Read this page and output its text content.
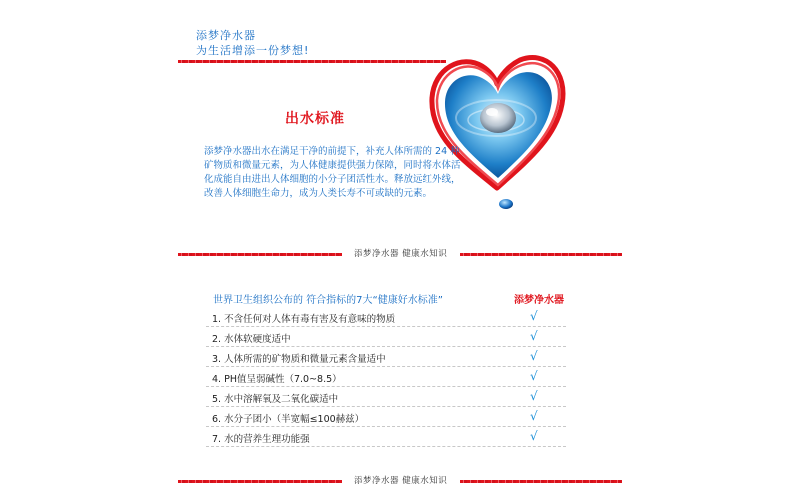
添梦净水器
为生活增添一份梦想!
出水标准

添梦净水器出水在满足干净的前提下，补充人体所需的 24 种矿物质和微量元素，为人体健康提供强力保障，同时将水体活化成能自由进出人体细胞的小分子团活性水。释放远红外线，改善人体细胞生命力，成为人类长寿不可或缺的元素。

添梦净水器 健康水知识
世界卫生组织公布的 符合指标的7大“健康好水标准”	添梦净水器
1. 不含任何对人体有毒有害及有意味的物质	√
2. 水体软硬度适中	√
3. 人体所需的矿物质和微量元素含量适中	√
4. PH值呈弱碱性（7.0~8.5）	√
5. 水中溶解氧及二氧化碳适中	√
6. 水分子团小（半宽幅≤100赫兹）	√
7. 水的营养生理功能强	√
添梦净水器 健康水知识
